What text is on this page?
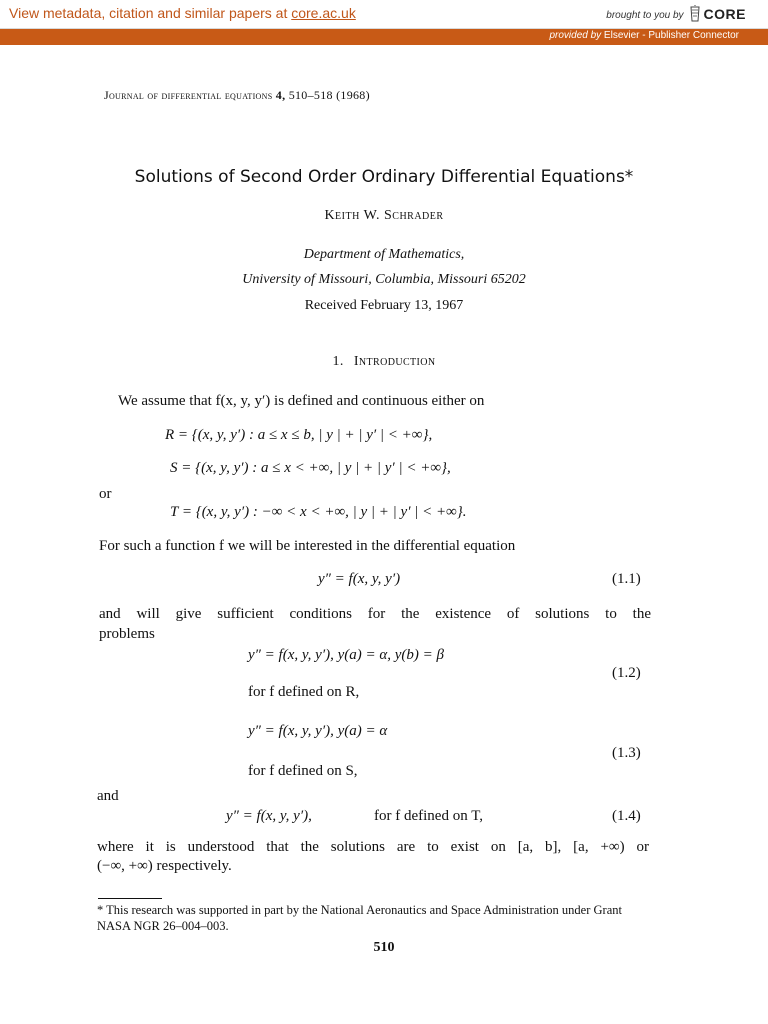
View metadata, citation and similar papers at core.ac.uk	brought to you by CORE
provided by Elsevier - Publisher Connector
Journal of differential equations 4, 510–518 (1968)
Solutions of Second Order Ordinary Differential Equations*
Keith W. Schrader
Department of Mathematics,
University of Missouri, Columbia, Missouri 65202
Received February 13, 1967
1. Introduction
We assume that f(x, y, y′) is defined and continuous either on
R = {(x, y, y′) : a ≤ x ≤ b, | y | + | y′ | < +∞},
S = {(x, y, y′) : a ≤ x < +∞, | y | + | y′ | < +∞},
or
T = {(x, y, y′) : −∞ < x < +∞, | y | + | y′ | < +∞}.
For such a function f we will be interested in the differential equation
y″ = f(x, y, y′)	(1.1)
and will give sufficient conditions for the existence of solutions to the
problems
y″ = f(x, y, y′), y(a) = α, y(b) = β
(1.2)
for f defined on R,
y″ = f(x, y, y′), y(a) = α
(1.3)
for f defined on S,
and
y″ = f(x, y, y′),	for f defined on T,	(1.4)
where it is understood that the solutions are to exist on [a, b], [a, +∞) or
(−∞, +∞) respectively.
* This research was supported in part by the National Aeronautics and Space Administration under Grant NASA NGR 26–004–003.
510
